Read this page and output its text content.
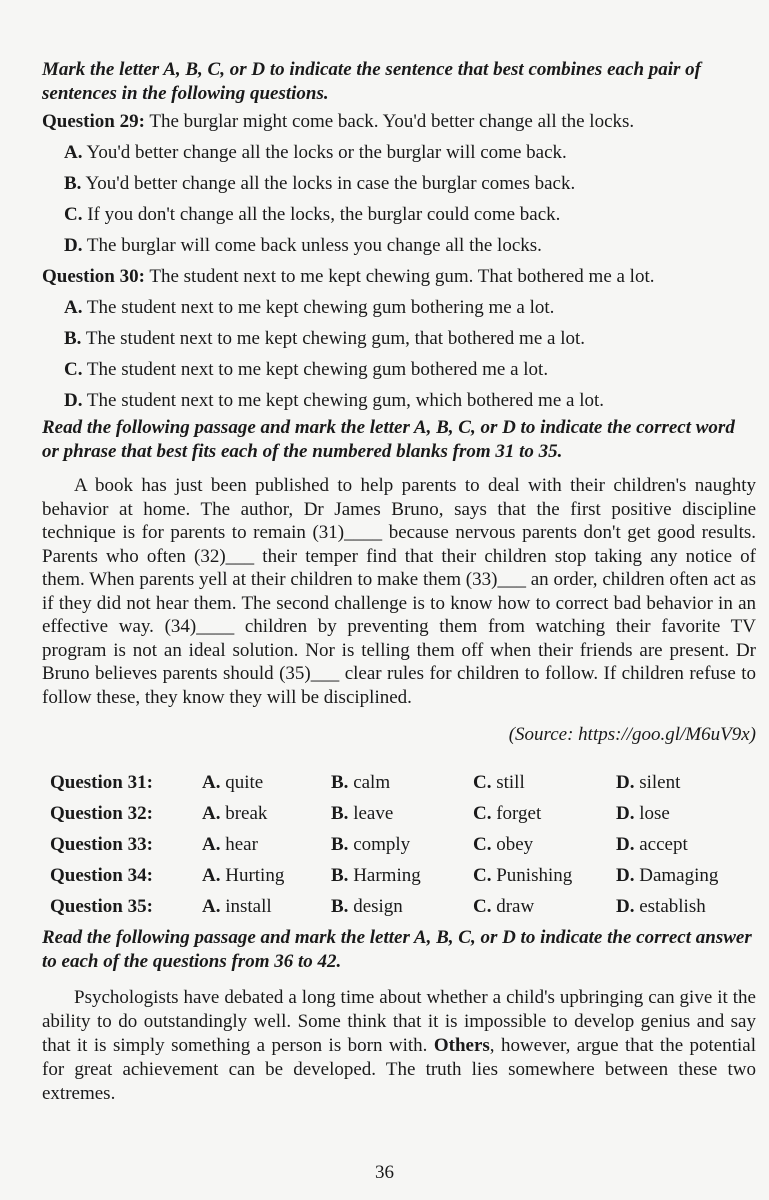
Mark the letter A, B, C, or D to indicate the sentence that best combines each pair of sentences in the following questions.

Question 29: The burglar might come back. You'd better change all the locks.

A. You'd better change all the locks or the burglar will come back.

B. You'd better change all the locks in case the burglar comes back.

C. If you don't change all the locks, the burglar could come back.

D. The burglar will come back unless you change all the locks.

Question 30: The student next to me kept chewing gum. That bothered me a lot.

A. The student next to me kept chewing gum bothering me a lot.

B. The student next to me kept chewing gum, that bothered me a lot.

C. The student next to me kept chewing gum bothered me a lot.

D. The student next to me kept chewing gum, which bothered me a lot.

Read the following passage and mark the letter A, B, C, or D to indicate the correct word or phrase that best fits each of the numbered blanks from 31 to 35.

A book has just been published to help parents to deal with their children's naughty behavior at home. The author, Dr James Bruno, says that the first positive discipline technique is for parents to remain (31)____ because nervous parents don't get good results. Parents who often (32)___ their temper find that their children stop taking any notice of them. When parents yell at their children to make them (33)___ an order, children often act as if they did not hear them. The second challenge is to know how to correct bad behavior in an effective way. (34)____ children by preventing them from watching their favorite TV program is not an ideal solution. Nor is telling them off when their friends are present. Dr Bruno believes parents should (35)___ clear rules for children to follow. If children refuse to follow these, they know they will be disciplined.

(Source: https://goo.gl/M6uV9x)

Question 31:	A. quite	B. calm	C. still	D. silent
Question 32:	A. break	B. leave	C. forget	D. lose
Question 33:	A. hear	B. comply	C. obey	D. accept
Question 34:	A. Hurting	B. Harming	C. Punishing	D. Damaging
Question 35:	A. install	B. design	C. draw	D. establish

Read the following passage and mark the letter A, B, C, or D to indicate the correct answer to each of the questions from 36 to 42.

Psychologists have debated a long time about whether a child's upbringing can give it the ability to do outstandingly well. Some think that it is impossible to develop genius and say that it is simply something a person is born with. Others, however, argue that the potential for great achievement can be developed. The truth lies somewhere between these two extremes.

36
